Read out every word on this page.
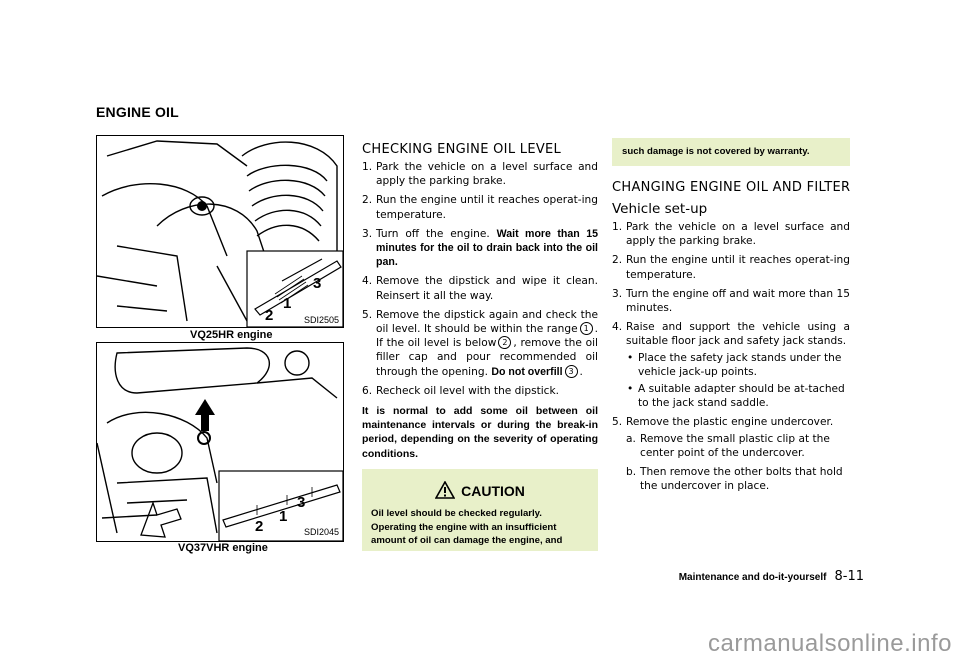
ENGINE OIL
2
1
3
SDI2505
VQ25HR engine
2
1
3
SDI2045
VQ37VHR engine
CHECKING ENGINE OIL LEVEL
1. Park the vehicle on a level surface and apply the parking brake.
2. Run the engine until it reaches operat-ing temperature.
3. Turn off the engine. Wait more than 15 minutes for the oil to drain back into the oil pan.
4. Remove the dipstick and wipe it clean. Reinsert it all the way.
5. Remove the dipstick again and check the oil level. It should be within the range 1 . If the oil level is below 2 , remove the oil filler cap and pour recommended oil through the opening. Do not overfill 3 .
6. Recheck oil level with the dipstick.
It is normal to add some oil between oil maintenance intervals or during the break-in period, depending on the severity of operating conditions.
CAUTION
Oil level should be checked regularly.
Operating the engine with an insufficient
amount of oil can damage the engine, and
such damage is not covered by warranty.
CHANGING ENGINE OIL AND FILTER
Vehicle set-up
1. Park the vehicle on a level surface and apply the parking brake.
2. Run the engine until it reaches operat-ing temperature.
3. Turn the engine off and wait more than 15 minutes.
4. Raise and support the vehicle using a suitable floor jack and safety jack stands.
• Place the safety jack stands under the vehicle jack-up points.
• A suitable adapter should be at-tached to the jack stand saddle.
5. Remove the plastic engine undercover.
a. Remove the small plastic clip at the center point of the undercover.
b. Then remove the other bolts that hold the undercover in place.
Maintenance and do-it-yourself 8-11
carmanualsonline.info
